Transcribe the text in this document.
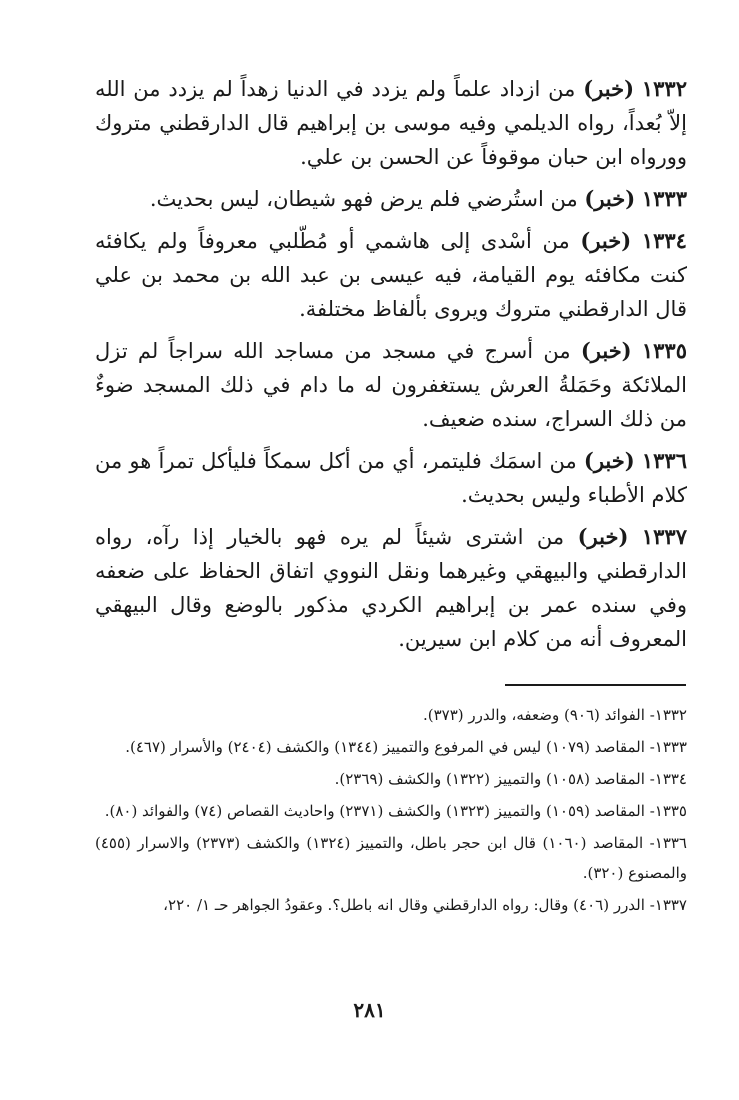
١٣٣٢ (خبر) من ازداد علماً ولم يزدد في الدنيا زهداً لم يزدد من الله إلاّ بُعداً، رواه الديلمي وفيه موسى بن إبراهيم قال الدارقطني متروك وورواه ابن حبان موقوفاً عن الحسن بن علي.

١٣٣٣ (خبر) من استُرضي فلم يرض فهو شيطان، ليس بحديث.

١٣٣٤ (خبر) من أسْدى إلى هاشمي أو مُطّلبي معروفاً ولم يكافئه كنت مكافئه يوم القيامة، فيه عيسى بن عبد الله بن محمد بن علي قال الدارقطني متروك ويروى بألفاظ مختلفة.

١٣٣٥ (خبر) من أسرج في مسجد من مساجد الله سراجاً لم تزل الملائكة وحَمَلةُ العرش يستغفرون له ما دام في ذلك المسجد ضوءٌ من ذلك السراج، سنده ضعيف.

١٣٣٦ (خبر) من اسمَك فليتمر، أي من أكل سمكاً فليأكل تمراً هو من كلام الأطباء وليس بحديث.

١٣٣٧ (خبر) من اشترى شيئاً لم يره فهو بالخيار إذا رآه، رواه الدارقطني والبيهقي وغيرهما ونقل النووي اتفاق الحفاظ على ضعفه وفي سنده عمر بن إبراهيم الكردي مذكور بالوضع وقال البيهقي المعروف أنه من كلام ابن سيرين.

١٣٣٢- الفوائد (٩٠٦) وضعفه، والدرر (٣٧٣).

١٣٣٣- المقاصد (١٠٧٩) ليس في المرفوع والتمييز (١٣٤٤) والكشف (٢٤٠٤) والأسرار (٤٦٧).

١٣٣٤- المقاصد (١٠٥٨) والتمييز (١٣٢٢) والكشف (٢٣٦٩).

١٣٣٥- المقاصد (١٠٥٩) والتمييز (١٣٢٣) والكشف (٢٣٧١) واحاديث القصاص (٧٤) والفوائد (٨٠).

١٣٣٦- المقاصد (١٠٦٠) قال ابن حجر باطل، والتمييز (١٣٢٤) والكشف (٢٣٧٣) والاسرار (٤٥٥) والمصنوع (٣٢٠).

١٣٣٧- الدرر (٤٠٦) وقال: رواه الدارقطني وقال انه باطل؟. وعقودُ الجواهر حـ ١/ ٢٢٠،

٢٨١
